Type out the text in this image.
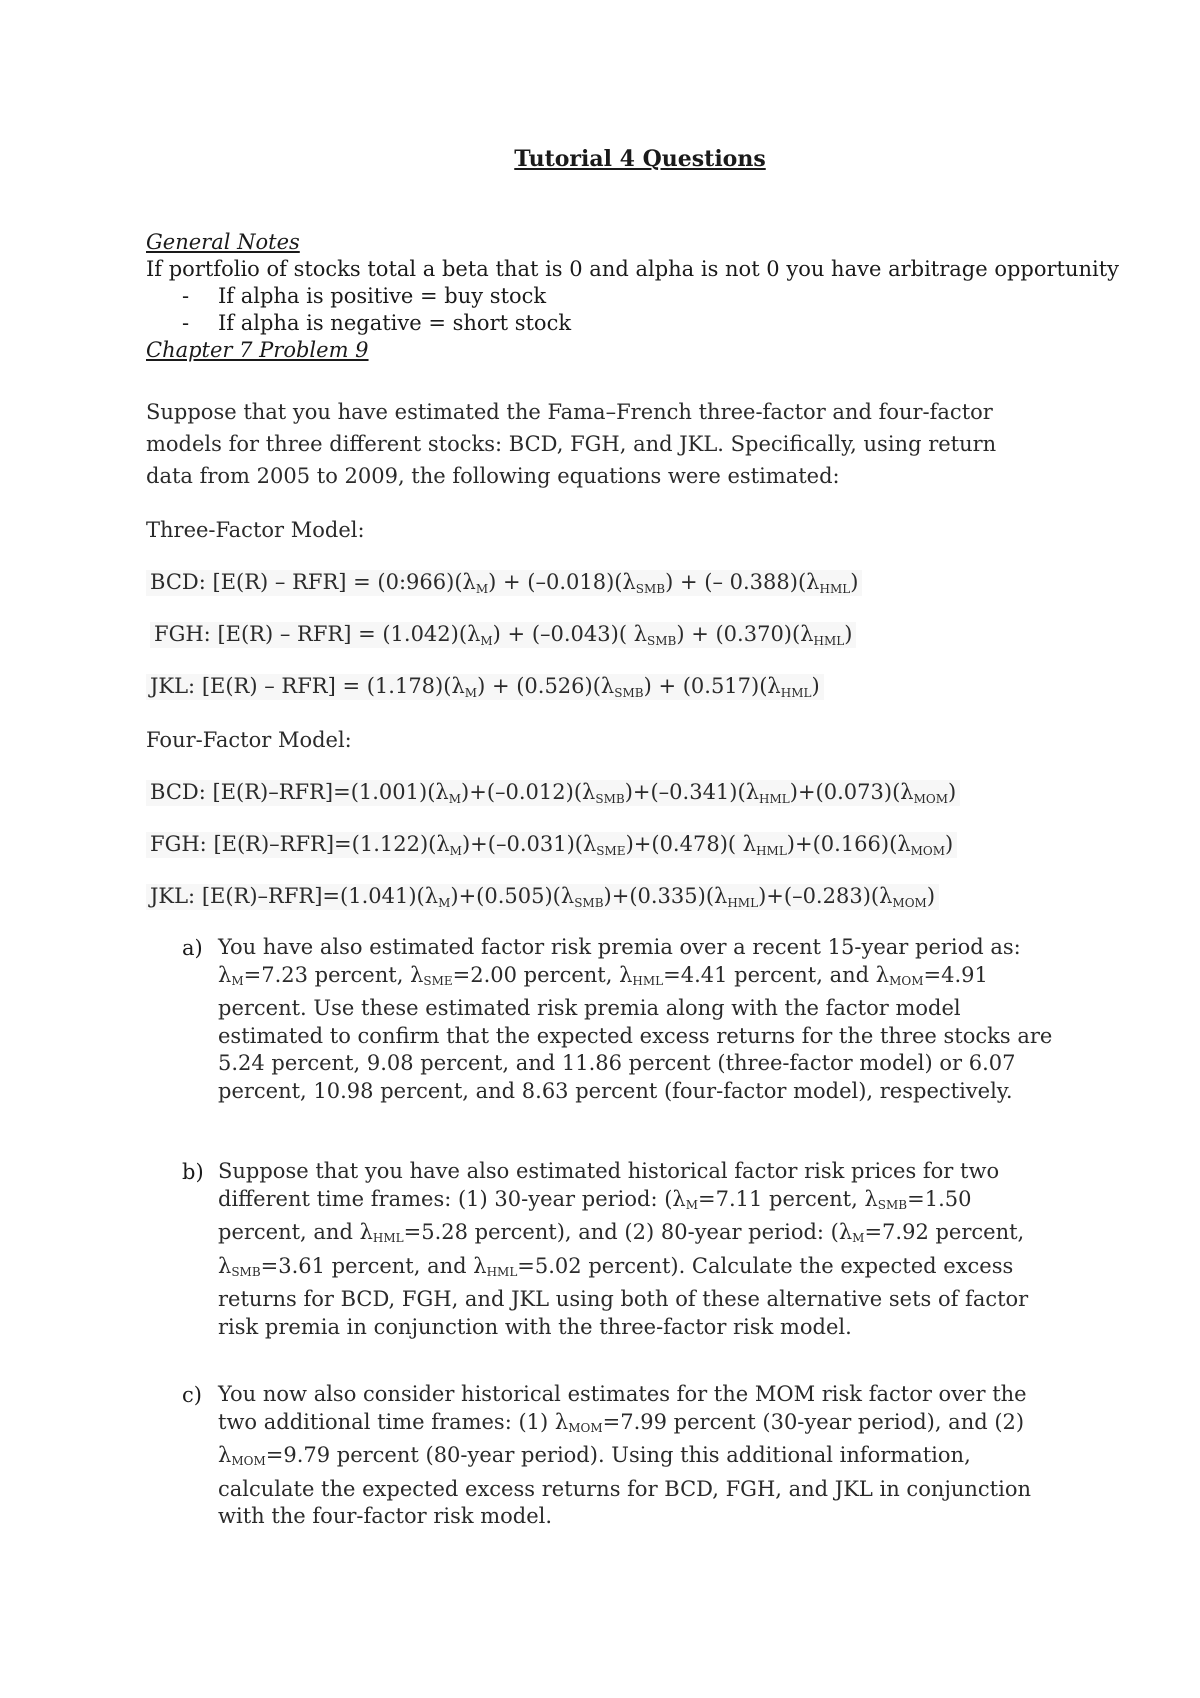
Tutorial 4 Questions
General Notes
If portfolio of stocks total a beta that is 0 and alpha is not 0 you have arbitrage opportunity
- If alpha is positive = buy stock
- If alpha is negative = short stock
Chapter 7 Problem 9
Suppose that you have estimated the Fama–French three-factor and four-factor models for three different stocks: BCD, FGH, and JKL. Specifically, using return data from 2005 to 2009, the following equations were estimated:
Three-Factor Model:
BCD: $[E(R) - RFR] = (0:966)(\lambda_M) + (-0.018)(\lambda_{SMB})$ + (– $0.388)(\lambda_{HML})$
FGH: $[E(R) - RFR] = (1.042)(\lambda_M) + (-0.043)$( $\lambda_{SMB}) + (0.370)(\lambda_{HML})$
JKL: $[E(R) - RFR] = (1.178)(\lambda_M) + (0.526)(\lambda_{SMB}) + (0.517)(\lambda_{HML})$
Four-Factor Model:
BCD: $[E(R)-RFR]=(1.001)(\lambda_M)+(-0.012)(\lambda_{SMB})+(-0.341)(\lambda_{HML})+(0.073)(\lambda_{MOM})$
FGH: $[E(R)-RFR]=(1.122)(\lambda_M)+(-0.031)(\lambda_{SME})+(0.478)$( $\lambda_{HML})+(0.166)(\lambda_{MOM})$
JKL: $[E(R)-RFR]=(1.041)(\lambda_M)+(0.505)(\lambda_{SMB})+(0.335)(\lambda_{HML})+(-0.283)(\lambda_{MOM})$
a) You have also estimated factor risk premia over a recent 15-year period as: $\lambda_M=7.23$ percent, $\lambda_{SME}=2.00$ percent, $\lambda_{HML}=4.41$ percent, and $\lambda_{MOM}=4.91$ percent. Use these estimated risk premia along with the factor model estimated to confirm that the expected excess returns for the three stocks are 5.24 percent, 9.08 percent, and 11.86 percent (three-factor model) or 6.07 percent, 10.98 percent, and 8.63 percent (four-factor model), respectively.
b) Suppose that you have also estimated historical factor risk prices for two different time frames: (1) 30-year period: ($\lambda_M=7.11$ percent, $\lambda_{SMB}=1.50$ percent, and $\lambda_{HML}=5.28$ percent), and (2) 80-year period: ($\lambda_M=7.92$ percent, $\lambda_{SMB}=3.61$ percent, and $\lambda_{HML}=5.02$ percent). Calculate the expected excess returns for BCD, FGH, and JKL using both of these alternative sets of factor risk premia in conjunction with the three-factor risk model.
c) You now also consider historical estimates for the MOM risk factor over the two additional time frames: (1) $\lambda_{MOM}=7.99$ percent (30-year period), and (2) $\lambda_{MOM}=9.79$ percent (80-year period). Using this additional information, calculate the expected excess returns for BCD, FGH, and JKL in conjunction with the four-factor risk model.
